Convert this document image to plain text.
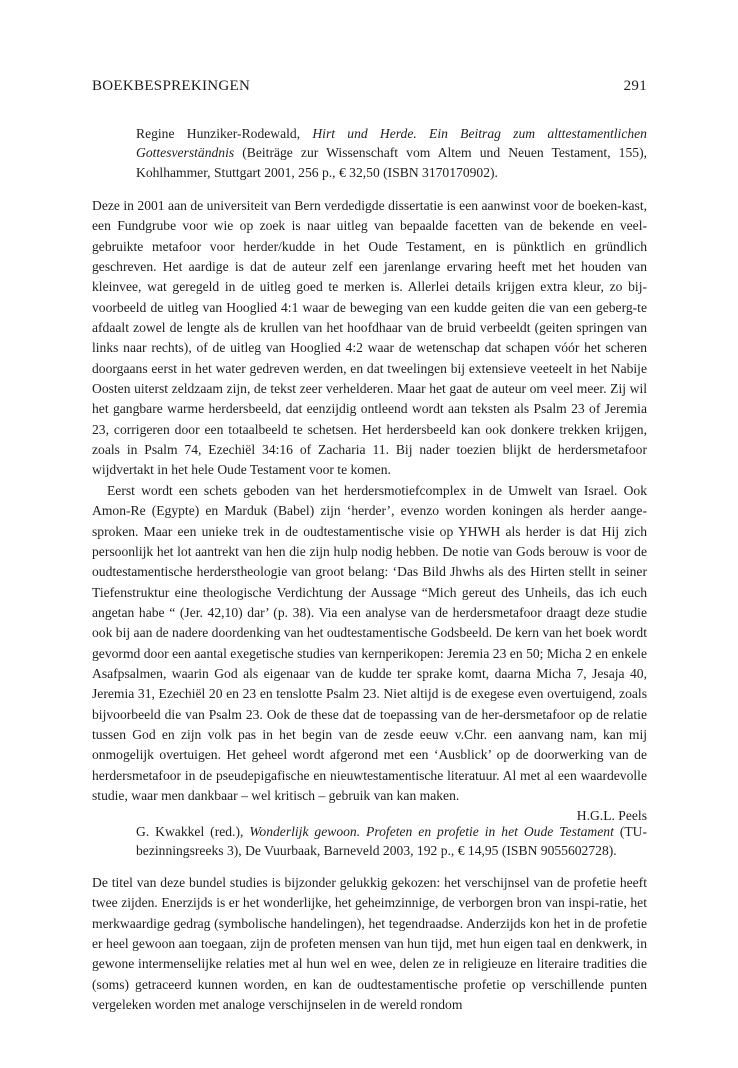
BOEKBESPREKINGEN	291
Regine Hunziker-Rodewald, Hirt und Herde. Ein Beitrag zum alttestamentlichen Gottesverständnis (Beiträge zur Wissenschaft vom Altem und Neuen Testament, 155), Kohlhammer, Stuttgart 2001, 256 p., € 32,50 (ISBN 3170170902).

Deze in 2001 aan de universiteit van Bern verdedigde dissertatie is een aanwinst voor de boeken-kast, een Fundgrube voor wie op zoek is naar uitleg van bepaalde facetten van de bekende en veel-gebruikte metafoor voor herder/kudde in het Oude Testament, en is pünktlich en gründlich geschreven. Het aardige is dat de auteur zelf een jarenlange ervaring heeft met het houden van kleinvee, wat geregeld in de uitleg goed te merken is. Allerlei details krijgen extra kleur, zo bij-voorbeeld de uitleg van Hooglied 4:1 waar de beweging van een kudde geiten die van een geberg-te afdaalt zowel de lengte als de krullen van het hoofdhaar van de bruid verbeeldt (geiten springen van links naar rechts), of de uitleg van Hooglied 4:2 waar de wetenschap dat schapen vóór het scheren doorgaans eerst in het water gedreven werden, en dat tweelingen bij extensieve veeteelt in het Nabije Oosten uiterst zeldzaam zijn, de tekst zeer verhelderen. Maar het gaat de auteur om veel meer. Zij wil het gangbare warme herdersbeeld, dat eenzijdig ontleend wordt aan teksten als Psalm 23 of Jeremia 23, corrigeren door een totaalbeeld te schetsen. Het herdersbeeld kan ook donkere trekken krijgen, zoals in Psalm 74, Ezechiël 34:16 of Zacharia 11. Bij nader toezien blijkt de herdersmetafoor wijdvertakt in het hele Oude Testament voor te komen.

Eerst wordt een schets geboden van het herdersmotiefcomplex in de Umwelt van Israel. Ook Amon-Re (Egypte) en Marduk (Babel) zijn ‘herder’, evenzo worden koningen als herder aange-sproken. Maar een unieke trek in de oudtestamentische visie op YHWH als herder is dat Hij zich persoonlijk het lot aantrekt van hen die zijn hulp nodig hebben. De notie van Gods berouw is voor de oudtestamentische herderstheologie van groot belang: ‘Das Bild Jhwhs als des Hirten stellt in seiner Tiefenstruktur eine theologische Verdichtung der Aussage “Mich gereut des Unheils, das ich euch angetan habe “ (Jer. 42,10) dar’ (p. 38). Via een analyse van de herdersmetafoor draagt deze studie ook bij aan de nadere doordenking van het oudtestamentische Godsbeeld. De kern van het boek wordt gevormd door een aantal exegetische studies van kernperikopen: Jeremia 23 en 50; Micha 2 en enkele Asafpsalmen, waarin God als eigenaar van de kudde ter sprake komt, daarna Micha 7, Jesaja 40, Jeremia 31, Ezechiël 20 en 23 en tenslotte Psalm 23. Niet altijd is de exegese even overtuigend, zoals bijvoorbeeld die van Psalm 23. Ook de these dat de toepassing van de her-dersmetafoor op de relatie tussen God en zijn volk pas in het begin van de zesde eeuw v.Chr. een aanvang nam, kan mij onmogelijk overtuigen. Het geheel wordt afgerond met een ‘Ausblick’ op de doorwerking van de herdersmetafoor in de pseudepigafische en nieuwtestamentische literatuur. Al met al een waardevolle studie, waar men dankbaar – wel kritisch – gebruik van kan maken.

H.G.L. Peels

G. Kwakkel (red.), Wonderlijk gewoon. Profeten en profetie in het Oude Testament (TU-bezinningsreeks 3), De Vuurbaak, Barneveld 2003, 192 p., € 14,95 (ISBN 9055602728).

De titel van deze bundel studies is bijzonder gelukkig gekozen: het verschijnsel van de profetie heeft twee zijden. Enerzijds is er het wonderlijke, het geheimzinnige, de verborgen bron van inspi-ratie, het merkwaardige gedrag (symbolische handelingen), het tegendraadse. Anderzijds kon het in de profetie er heel gewoon aan toegaan, zijn de profeten mensen van hun tijd, met hun eigen taal en denkwerk, in gewone intermenselijke relaties met al hun wel en wee, delen ze in religieuze en literaire tradities die (soms) getraceerd kunnen worden, en kan de oudtestamentische profetie op verschillende punten vergeleken worden met analoge verschijnselen in de wereld rondom
